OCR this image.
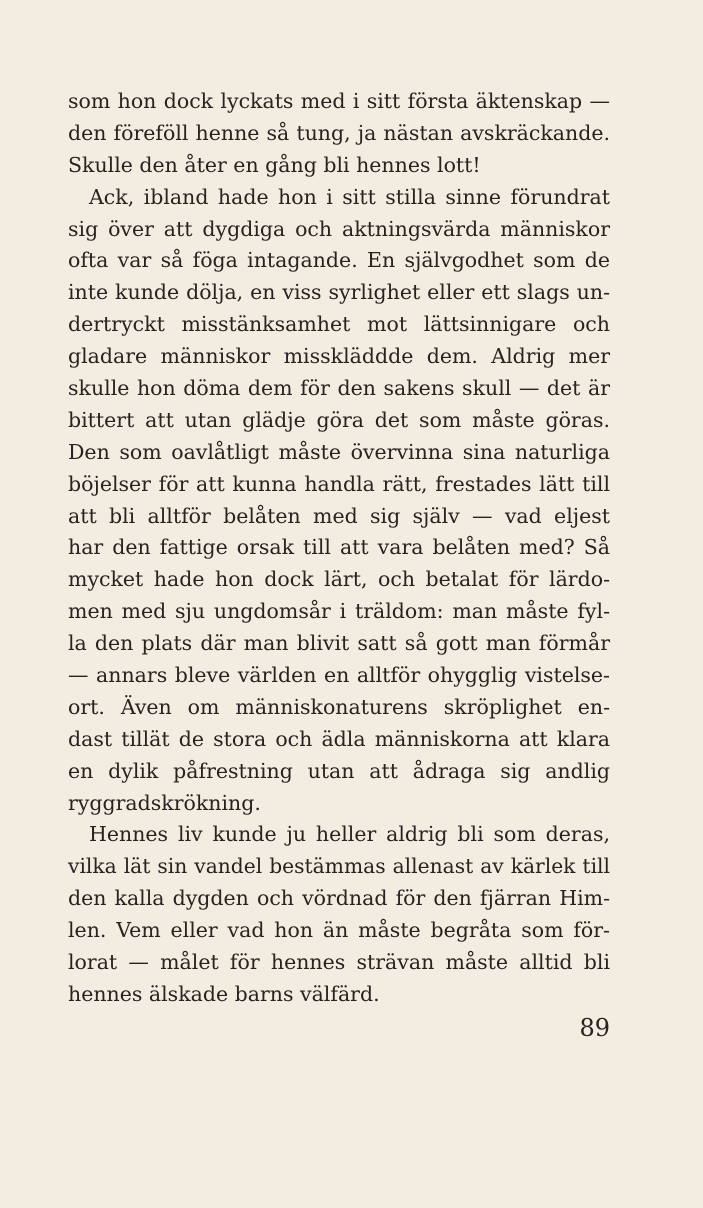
som hon dock lyckats med i sitt första äktenskap —
den föreföll henne så tung, ja nästan avskräckande.
Skulle den åter en gång bli hennes lott!
Ack, ibland hade hon i sitt stilla sinne förundrat
sig över att dygdiga och aktningsvärda människor
ofta var så föga intagande. En självgodhet som de
inte kunde dölja, en viss syrlighet eller ett slags un-
dertryckt misstänksamhet mot lättsinnigare och
gladare människor misskläddde dem. Aldrig mer
skulle hon döma dem för den sakens skull — det är
bittert att utan glädje göra det som måste göras.
Den som oavlåtligt måste övervinna sina naturliga
böjelser för att kunna handla rätt, frestades lätt till
att bli alltför belåten med sig själv — vad eljest
har den fattige orsak till att vara belåten med? Så
mycket hade hon dock lärt, och betalat för lärdo-
men med sju ungdomsår i träldom: man måste fyl-
la den plats där man blivit satt så gott man förmår
— annars bleve världen en alltför ohygglig vistelse-
ort. Även om människonaturens skröplighet en-
dast tillät de stora och ädla människorna att klara
en dylik påfrestning utan att ådraga sig andlig
ryggradskrökning.
Hennes liv kunde ju heller aldrig bli som deras,
vilka lät sin vandel bestämmas allenast av kärlek till
den kalla dygden och vördnad för den fjärran Him-
len. Vem eller vad hon än måste begråta som för-
lorat — målet för hennes strävan måste alltid bli
hennes älskade barns välfärd.
89
